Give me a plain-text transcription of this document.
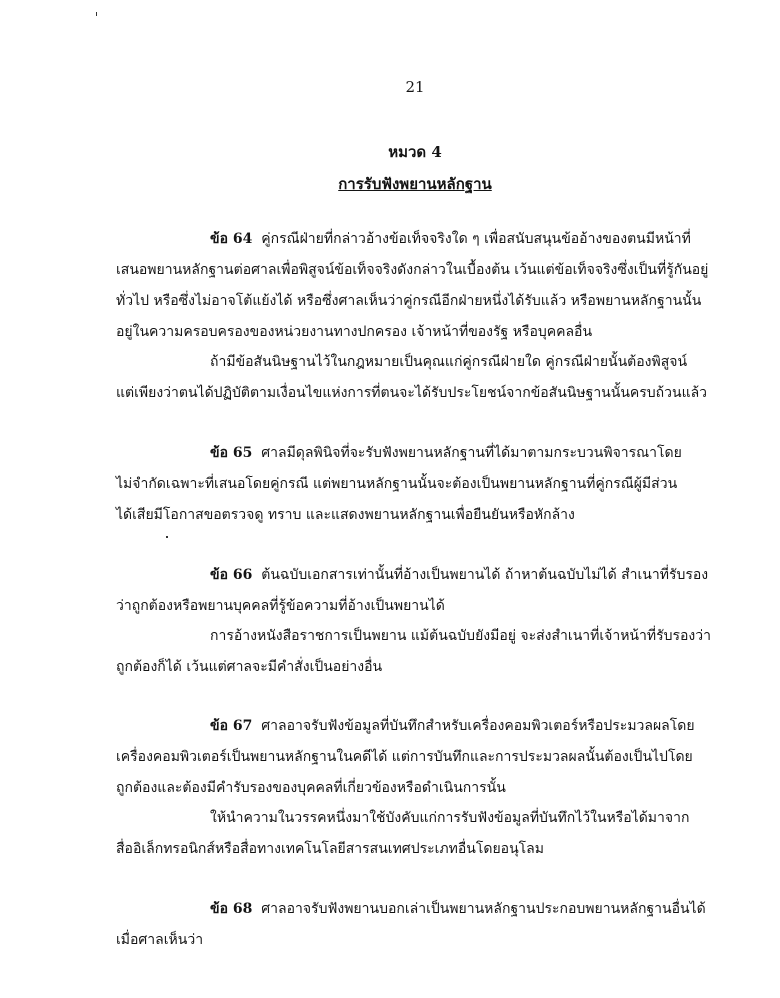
21
หมวด 4
การรับฟังพยานหลักฐาน
ข้อ 64 คู่กรณีฝ่ายที่กล่าวอ้างข้อเท็จจริงใด ๆ เพื่อสนับสนุนข้ออ้างของตนมีหน้าที่
เสนอพยานหลักฐานต่อศาลเพื่อพิสูจน์ข้อเท็จจริงดังกล่าวในเบื้องต้น เว้นแต่ข้อเท็จจริงซึ่งเป็นที่รู้กันอยู่
ทั่วไป หรือซึ่งไม่อาจโต้แย้งได้ หรือซึ่งศาลเห็นว่าคู่กรณีอีกฝ่ายหนึ่งได้รับแล้ว หรือพยานหลักฐานนั้น
อยู่ในความครอบครองของหน่วยงานทางปกครอง เจ้าหน้าที่ของรัฐ หรือบุคคลอื่น
ถ้ามีข้อสันนิษฐานไว้ในกฎหมายเป็นคุณแก่คู่กรณีฝ่ายใด คู่กรณีฝ่ายนั้นต้องพิสูจน์
แต่เพียงว่าตนได้ปฏิบัติตามเงื่อนไขแห่งการที่ตนจะได้รับประโยชน์จากข้อสันนิษฐานนั้นครบถ้วนแล้ว
ข้อ 65 ศาลมีดุลพินิจที่จะรับฟังพยานหลักฐานที่ได้มาตามกระบวนพิจารณาโดย
ไม่จำกัดเฉพาะที่เสนอโดยคู่กรณี แต่พยานหลักฐานนั้นจะต้องเป็นพยานหลักฐานที่คู่กรณีผู้มีส่วน
ได้เสียมีโอกาสขอตรวจดู ทราบ และแสดงพยานหลักฐานเพื่อยืนยันหรือหักล้าง
ข้อ 66 ต้นฉบับเอกสารเท่านั้นที่อ้างเป็นพยานได้ ถ้าหาต้นฉบับไม่ได้ สำเนาที่รับรอง
ว่าถูกต้องหรือพยานบุคคลที่รู้ข้อความที่อ้างเป็นพยานได้
การอ้างหนังสือราชการเป็นพยาน แม้ต้นฉบับยังมีอยู่ จะส่งสำเนาที่เจ้าหน้าที่รับรองว่า
ถูกต้องก็ได้ เว้นแต่ศาลจะมีคำสั่งเป็นอย่างอื่น
ข้อ 67 ศาลอาจรับฟังข้อมูลที่บันทึกสำหรับเครื่องคอมพิวเตอร์หรือประมวลผลโดย
เครื่องคอมพิวเตอร์เป็นพยานหลักฐานในคดีได้ แต่การบันทึกและการประมวลผลนั้นต้องเป็นไปโดย
ถูกต้องและต้องมีคำรับรองของบุคคลที่เกี่ยวข้องหรือดำเนินการนั้น
ให้นำความในวรรคหนึ่งมาใช้บังคับแก่การรับฟังข้อมูลที่บันทึกไว้ในหรือได้มาจาก
สื่ออิเล็กทรอนิกส์หรือสื่อทางเทคโนโลยีสารสนเทศประเภทอื่นโดยอนุโลม
ข้อ 68 ศาลอาจรับฟังพยานบอกเล่าเป็นพยานหลักฐานประกอบพยานหลักฐานอื่นได้
เมื่อศาลเห็นว่า
